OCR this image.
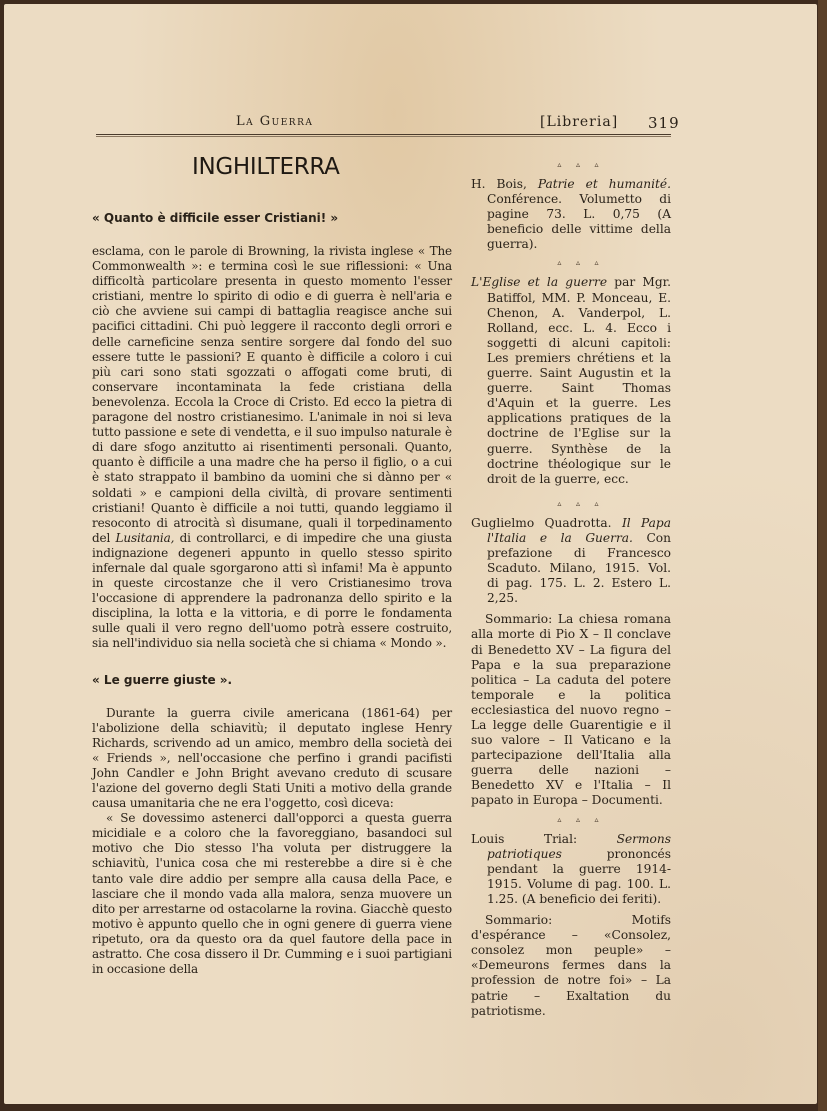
La Guerra	[Libreria] 319
INGHILTERRA
« Quanto è difficile esser Cristiani! »

esclama, con le parole di Browning, la rivista inglese « The Commonwealth »: e termina così le sue riflessioni: « Una difficoltà particolare presenta in questo momento l'esser cristiani, mentre lo spirito di odio e di guerra è nell'aria e ciò che avviene sui campi di battaglia reagisce anche sui pacifici cittadini. Chi può leggere il racconto degli orrori e delle carneficine senza sentire sorgere dal fondo del suo essere tutte le passioni? E quanto è difficile a coloro i cui più cari sono stati sgozzati o affogati come bruti, di conservare incontaminata la fede cristiana della benevolenza. Eccola la Croce di Cristo. Ed ecco la pietra di paragone del nostro cristianesimo. L'animale in noi si leva tutto passione e sete di vendetta, e il suo impulso naturale è di dare sfogo anzitutto ai risentimenti personali. Quanto, quanto è difficile a una madre che ha perso il figlio, o a cui è stato strappato il bambino da uomini che si dànno per « soldati » e campioni della civiltà, di provare sentimenti cristiani! Quanto è difficile a noi tutti, quando leggiamo il resoconto di atrocità sì disumane, quali il torpedinamento del Lusitania, di controllarci, e di impedire che una giusta indignazione degeneri appunto in quello stesso spirito infernale dal quale sgorgarono atti sì infami! Ma è appunto in queste circostanze che il vero Cristianesimo trova l'occasione di apprendere la padronanza dello spirito e la disciplina, la lotta e la vittoria, e di porre le fondamenta sulle quali il vero regno dell'uomo potrà essere costruito, sia nell'individuo sia nella società che si chiama « Mondo ».

« Le guerre giuste ».

Durante la guerra civile americana (1861-64) per l'abolizione della schiavitù; il deputato inglese Henry Richards, scrivendo ad un amico, membro della società dei « Friends », nell'occasione che perfino i grandi pacifisti John Candler e John Bright avevano creduto di scusare l'azione del governo degli Stati Uniti a motivo della grande causa umanitaria che ne era l'oggetto, così diceva:

« Se dovessimo astenerci dall'opporci a questa guerra micidiale e a coloro che la favoreggiano, basandoci sul motivo che Dio stesso l'ha voluta per distruggere la schiavitù, l'unica cosa che mi resterebbe a dire si è che tanto vale dire addio per sempre alla causa della Pace, e lasciare che il mondo vada alla malora, senza muovere un dito per arrestarne od ostacolarne la rovina. Giacchè questo motivo è appunto quello che in ogni genere di guerra viene ripetuto, ora da questo ora da quel fautore della pace in astratto. Che cosa dissero il Dr. Cumming e i suoi partigiani in occasione della

▵ ▵ ▵

H. Bois, Patrie et humanité. Conférence. Volumetto di pagine 73. L. 0,75 (A beneficio delle vittime della guerra).

▵ ▵ ▵

L'Eglise et la guerre par Mgr. Batiffol, MM. P. Monceau, E. Chenon, A. Vanderpol, L. Rolland, ecc. L. 4. Ecco i soggetti di alcuni capitoli: Les premiers chrétiens et la guerre. Saint Augustin et la guerre. Saint Thomas d'Aquin et la guerre. Les applications pratiques de la doctrine de l'Eglise sur la guerre. Synthèse de la doctrine théologique sur le droit de la guerre, ecc.

▵ ▵ ▵

Guglielmo Quadrotta. Il Papa l'Italia e la Guerra. Con prefazione di Francesco Scaduto. Milano, 1915. Vol. di pag. 175. L. 2. Estero L. 2,25.

Sommario: La chiesa romana alla morte di Pio X – Il conclave di Benedetto XV – La figura del Papa e la sua preparazione politica – La caduta del potere temporale e la politica ecclesiastica del nuovo regno – La legge delle Guarentigie e il suo valore – Il Vaticano e la partecipazione dell'Italia alla guerra delle nazioni – Benedetto XV e l'Italia – Il papato in Europa – Documenti.

▵ ▵ ▵

Louis Trial:	Sermons patriotiques	prononcés pendant la guerre 1914-1915. Volume di pag. 100. L. 1.25. (A beneficio dei feriti).

Sommario: Motifs d'espérance – «Consolez, consolez mon peuple» – «Demeurons fermes dans la profession de notre foi» – La patrie – Exaltation du patriotisme.
